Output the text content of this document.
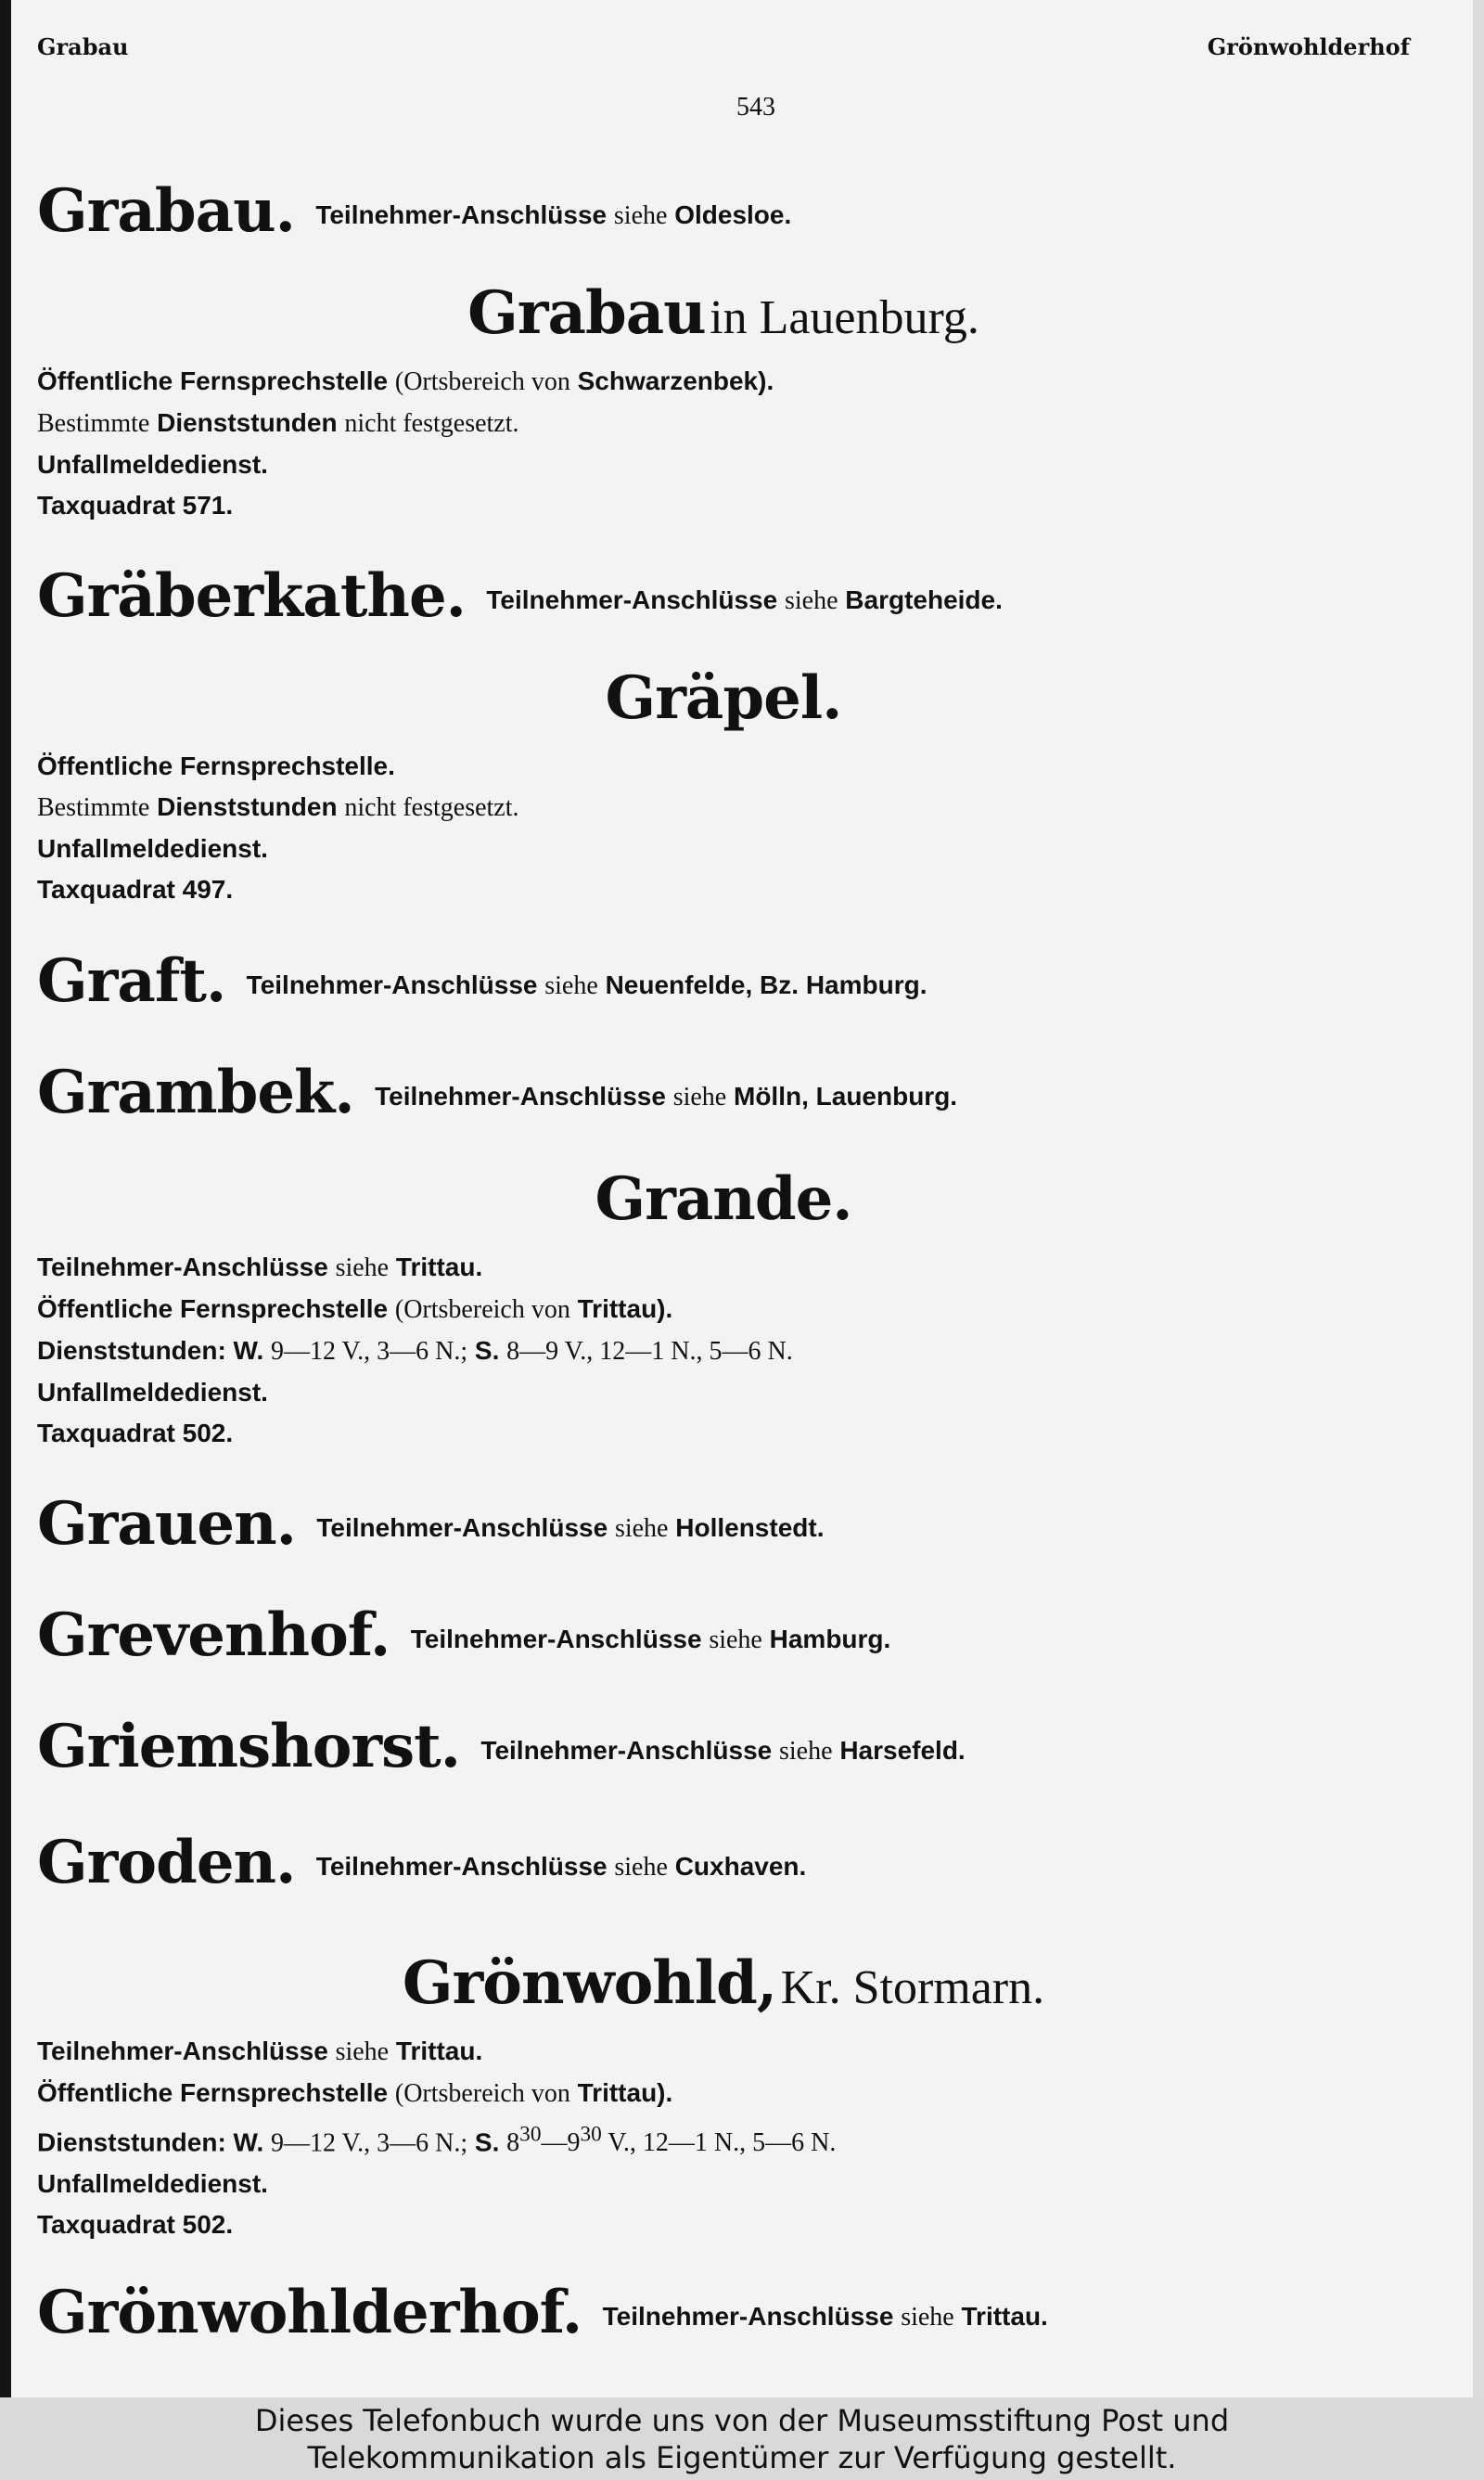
Grabau	Grönwohlderhof
543
Grabau. Teilnehmer-Anschlüsse siehe Oldesloe.
Grabau in Lauenburg.
Öffentliche Fernsprechstelle (Ortsbereich von Schwarzenbek).
Bestimmte Dienststunden nicht festgesetzt.
Unfallmeldedienst.
Taxquadrat 571.
Gräberkathe. Teilnehmer-Anschlüsse siehe Bargteheide.
Gräpel.
Öffentliche Fernsprechstelle.
Bestimmte Dienststunden nicht festgesetzt.
Unfallmeldedienst.
Taxquadrat 497.
Graft. Teilnehmer-Anschlüsse siehe Neuenfelde, Bz. Hamburg.
Grambek. Teilnehmer-Anschlüsse siehe Mölln, Lauenburg.
Grande.
Teilnehmer-Anschlüsse siehe Trittau.
Öffentliche Fernsprechstelle (Ortsbereich von Trittau).
Dienststunden: W. 9—12 V., 3—6 N.; S. 8—9 V., 12—1 N., 5—6 N.
Unfallmeldedienst.
Taxquadrat 502.
Grauen. Teilnehmer-Anschlüsse siehe Hollenstedt.
Grevenhof. Teilnehmer-Anschlüsse siehe Hamburg.
Griemshorst. Teilnehmer-Anschlüsse siehe Harsefeld.
Groden. Teilnehmer-Anschlüsse siehe Cuxhaven.
Grönwohld, Kr. Stormarn.
Teilnehmer-Anschlüsse siehe Trittau.
Öffentliche Fernsprechstelle (Ortsbereich von Trittau).
Dienststunden: W. 9—12 V., 3—6 N.; S. $8^{30}—9^{30}$ V., 12—1 N., 5—6 N.
Unfallmeldedienst.
Taxquadrat 502.
Grönwohlderhof. Teilnehmer-Anschlüsse siehe Trittau.
Dieses Telefonbuch wurde uns von der Museumsstiftung Post und
Telekommunikation als Eigentümer zur Verfügung gestellt.
